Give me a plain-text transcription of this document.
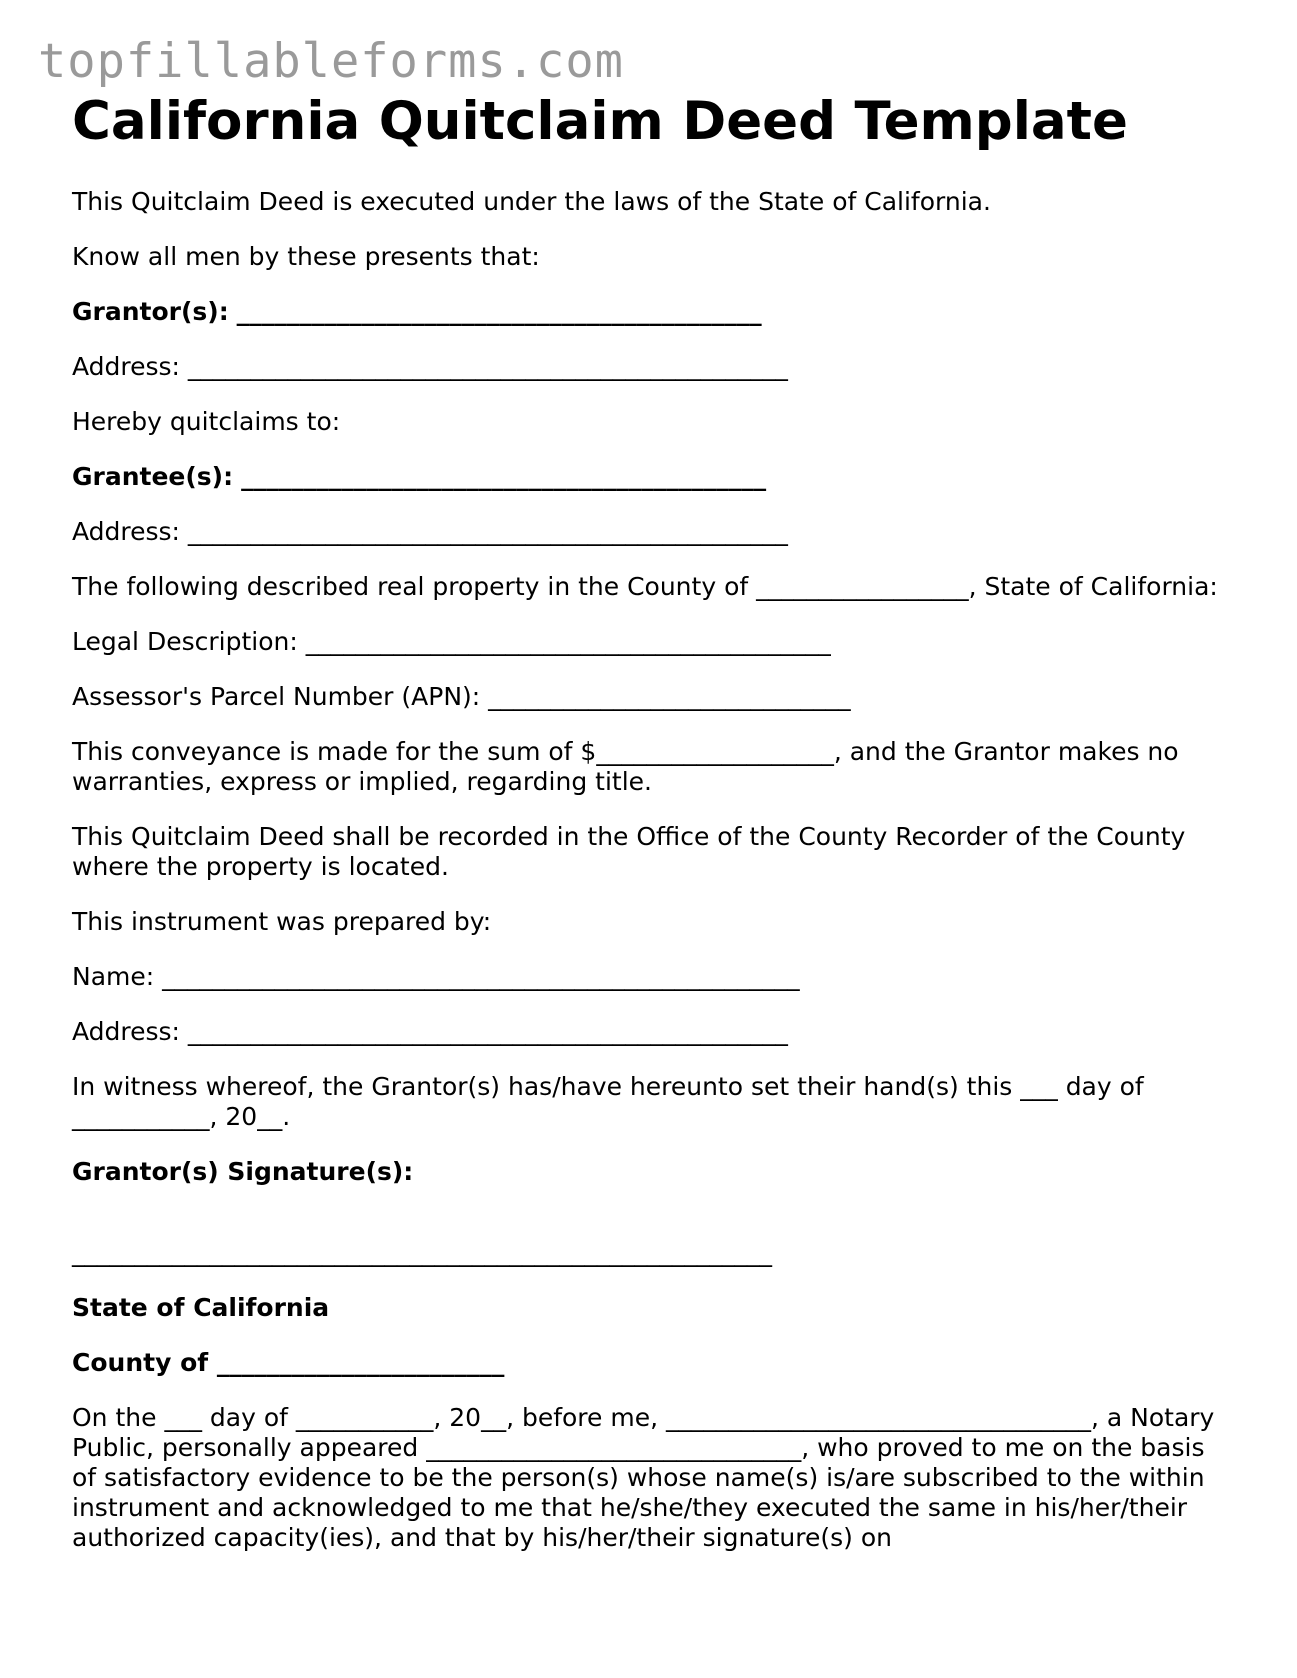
topfillableforms.com
California Quitclaim Deed Template

This Quitclaim Deed is executed under the laws of the State of California.

Know all men by these presents that:

Grantor(s): __________________________________________

Address: ________________________________________________

Hereby quitclaims to:

Grantee(s): __________________________________________

Address: ________________________________________________

The following described real property in the County of _________________, State of California:

Legal Description: __________________________________________

Assessor's Parcel Number (APN): _____________________________

This conveyance is made for the sum of $___________________, and the Grantor makes no warranties, express or implied, regarding title.

This Quitclaim Deed shall be recorded in the Office of the County Recorder of the County where the property is located.

This instrument was prepared by:

Name: ___________________________________________________

Address: ________________________________________________

In witness whereof, the Grantor(s) has/have hereunto set their hand(s) this ___ day of ___________, 20__.

Grantor(s) Signature(s):

________________________________________________________

State of California

County of _______________________

On the ___ day of ___________, 20__, before me, __________________________________, a Notary Public, personally appeared ______________________________, who proved to me on the basis of satisfactory evidence to be the person(s) whose name(s) is/are subscribed to the within instrument and acknowledged to me that he/she/they executed the same in his/her/their authorized capacity(ies), and that by his/her/their signature(s) on
